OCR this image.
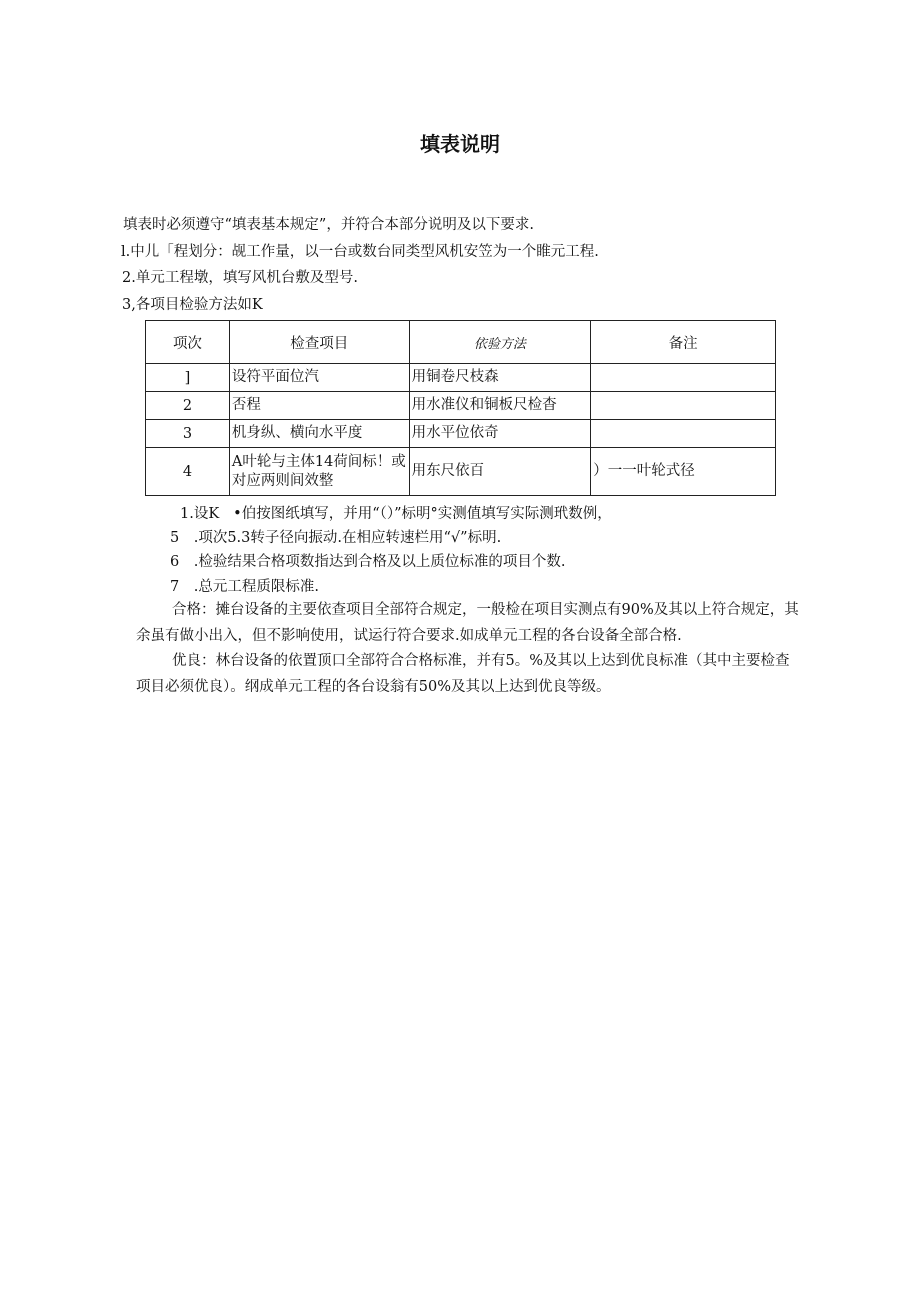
填表说明
填表时必须遵守“填表基本规定”，并符合本部分说明及以下要求.
l.中儿「程划分：觇工作量，以一台或数台同类型风机安笠为一个睢元工程.
2.单元工程墩，填写风机台敷及型号.
3,各项目检验方法如K
项次	检查项目	依验方法	备注
]	设符平面位汽	用铜卷尺枝森	
2	否程	用水准仪和铜板尺检杳	
3	机身纵、横向水平度	用水平位依奇	
4	A叶轮与主体14荷间标！或对应两则间效整	用东尺依百	）一一叶轮式径
1.设K •伯按图纸填写，并用“（）”标明°实测值填写实际测玳数例，
5　.项次5.3转子径向振动.在相应转速栏用“√”标明.
6　.检验结果合格项数指达到合格及以上质位标准的项目个数.
7　.总元工程质限标准.
合格：摊台设备的主要依查项目全部符合规定，一般检在项目实测点有90%及其以上符合规定，其余虽有做小出入，但不影响使用，试运行符合要求.如成单元工程的各台设备全部合格.
优良：林台设备的依置顶口全部符合合格标准，并有5。%及其以上达到优良标准（其中主要检查项目必须优良）。纲成单元工程的各台设翁有50%及其以上达到优良等级。
